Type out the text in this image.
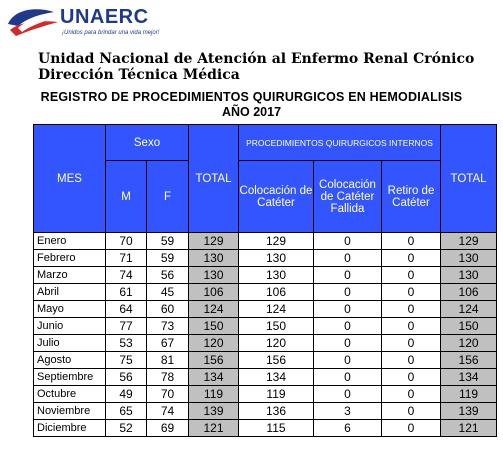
UNAERC
¡Unidos para brindar una vida mejor!
Unidad Nacional de Atención al Enfermo Renal Crónico
Dirección Técnica Médica
REGISTRO DE PROCEDIMIENTOS QUIRURGICOS EN HEMODIALISIS
AÑO 2017
MES	Sexo		TOTAL	PROCEDIMIENTOS QUIRURGICOS INTERNOS			TOTAL
	M	F		Colocación de Catéter	Colocación de Catéter Fallida	Retiro de Catéter	
Enero	70	59	129	129	0	0	129
Febrero	71	59	130	130	0	0	130
Marzo	74	56	130	130	0	0	130
Abril	61	45	106	106	0	0	106
Mayo	64	60	124	124	0	0	124
Junio	77	73	150	150	0	0	150
Julio	53	67	120	120	0	0	120
Agosto	75	81	156	156	0	0	156
Septiembre	56	78	134	134	0	0	134
Octubre	49	70	119	119	0	0	119
Noviembre	65	74	139	136	3	0	139
Diciembre	52	69	121	115	6	0	121
